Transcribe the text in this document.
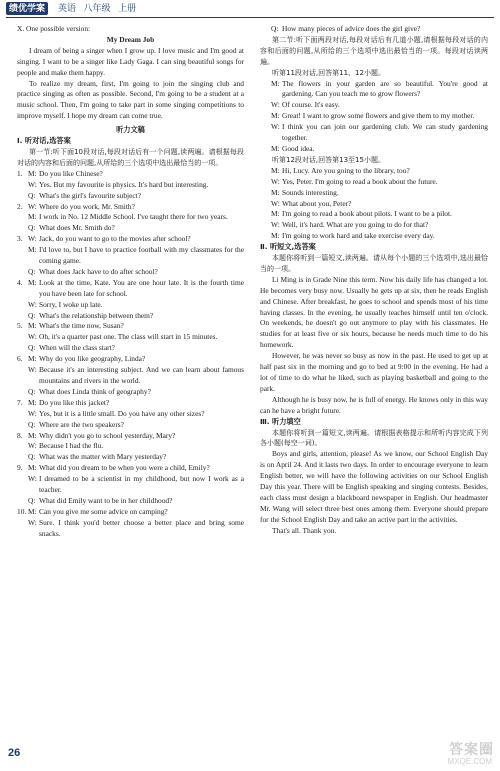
绩优学案	英语 八年级 上册

X. One possible version:

My Dream Job

I dream of being a singer when I grow up. I love music and I'm good at singing. I want to be a singer like Lady Gaga. I can sing beautiful songs for people and make them happy.

To realize my dream, first, I'm going to join the singing club and practice singing as often as possible. Second, I'm going to be a student at a music school. Then, I'm going to take part in some singing competitions to improve myself. I hope my dream can come true.

听力文稿

Ⅰ. 听对话,选答案

第一节:听下面10段对话,每段对话后有一个问题,读两遍。请根据每段对话的内容和后面的问题,从所给的三个选项中选出最恰当的一项。

1. M: Do you like Chinese?
W: Yes. But my favourite is physics. It's hard but interesting.
Q: What's the girl's favourite subject?
2. W: Where do you work, Mr. Smith?
M: I work in No. 12 Middle School. I've taught there for two years.
Q: What does Mr. Smith do?
3. W: Jack, do you want to go to the movies after school?
M: I'd love to, but I have to practice football with my classmates for the coming game.
Q: What does Jack have to do after school?
4. M: Look at the time, Kate. You are one hour late. It is the fourth time you have been late for school.
W: Sorry, I woke up late.
Q: What's the relationship between them?
5. M: What's the time now, Susan?
W: Oh, it's a quarter past one. The class will start in 15 minutes.
Q: When will the class start?
6. M: Why do you like geography, Linda?
W: Because it's an interesting subject. And we can learn about famous mountains and rivers in the world.
Q: What does Linda think of geography?
7. M: Do you like this jacket?
W: Yes, but it is a little small. Do you have any other sizes?
Q: Where are the two speakers?
8. M: Why didn't you go to school yesterday, Mary?
W: Because I had the flu.
Q: What was the matter with Mary yesterday?
9. M: What did you dream to be when you were a child, Emily?
W: I dreamed to be a scientist in my childhood, but now I work as a teacher.
Q: What did Emily want to be in her childhood?
10. M: Can you give me some advice on camping?
W: Sure. I think you'd better choose a better place and bring some snacks.
Q: How many pieces of advice does the girl give?

第二节:听下面两段对话,每段对话后有几道小题,请根据每段对话的内容和后面的问题,从所给的三个选项中选出最恰当的一项。每段对话读两遍。

听第11段对话,回答第11、12小题。

M: The flowers in your garden are so beautiful. You're good at gardening. Can you teach me to grow flowers?
W: Of course. It's easy.
M: Great! I want to grow some flowers and give them to my mother.
W: I think you can join our gardening club. We can study gardening together.
M: Good idea.

听第12段对话,回答第13至15小题。

M: Hi, Lucy. Are you going to the library, too?
W: Yes, Peter. I'm going to read a book about the future.
M: Sounds interesting.
W: What about you, Peter?
M: I'm going to read a book about pilots. I want to be a pilot.
W: Well, it's hard. What are you going to do for that?
M: I'm going to work hard and take exercise every day.

Ⅱ. 听短文,选答案

本题你将听到一篇短文,读两遍。请从每个小题的三个选项中,选出最恰当的一项。

Li Ming is in Grade Nine this term. Now his daily life has changed a lot. He becomes very busy now. Usually he gets up at six, then he reads English and Chinese. After breakfast, he goes to school and spends most of his time having classes. In the evening, he usually teaches himself until ten o'clock. On weekends, he doesn't go out anymore to play with his classmates. He studies for at least five or six hours, because he needs much time to do his homework.

However, he was never so busy as now in the past. He used to get up at half past six in the morning and go to bed at 9:00 in the evening. He had a lot of time to do what he liked, such as playing basketball and going to the park.

Although he is busy now, he is full of energy. He knows only in this way can he have a bright future.

Ⅲ. 听力填空

本题你将听到一篇短文,读两遍。请根据表格提示和所听内容完成下列各小题(每空一词)。

Boys and girls, attention, please! As we know, our School English Day is on April 24. And it lasts two days. In order to encourage everyone to learn English better, we will have the following activities on our School English Day this year. There will be English speaking and singing contests. Besides, each class must design a blackboard newspaper in English. Our headmaster Mr. Wang will select three best ones among them. Everyone should prepare for the School English Day and take an active part in the activities.

That's all. Thank you.

26	答案圈
MXQE.COM
